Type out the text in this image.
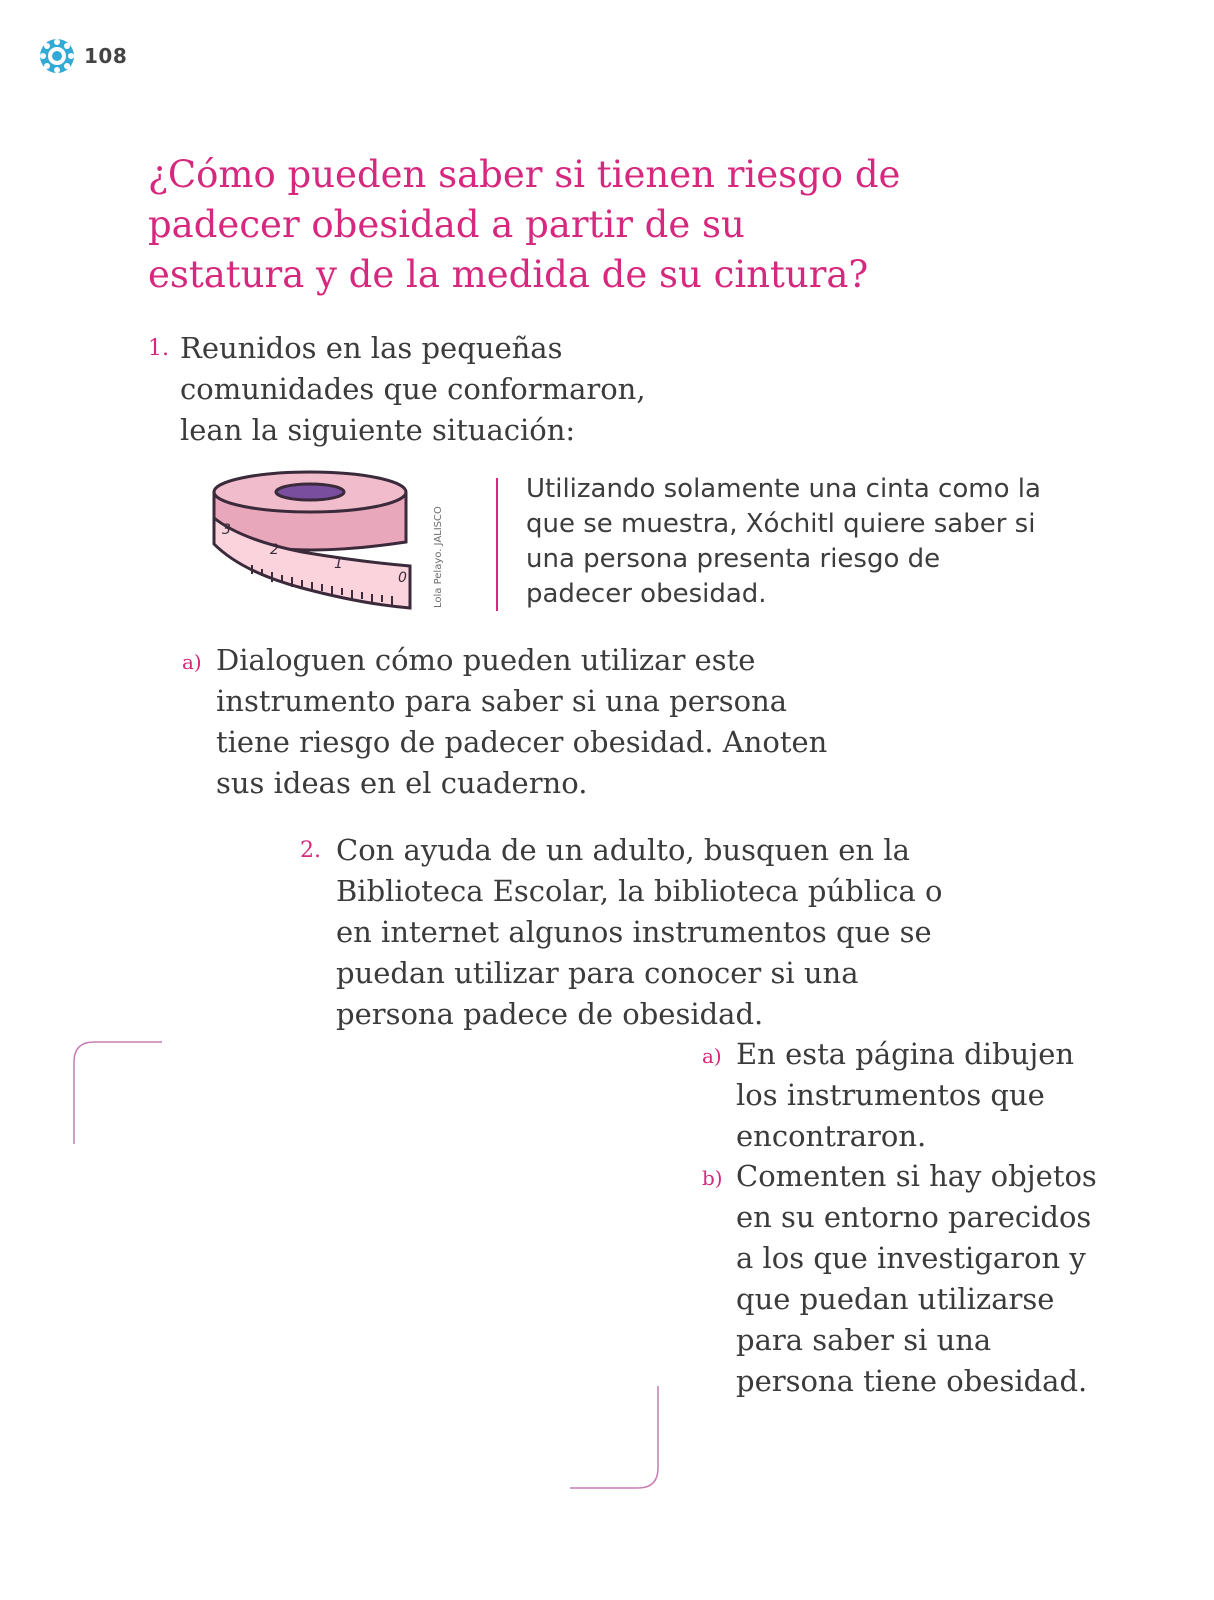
108
¿Cómo pueden saber si tienen riesgo de padecer obesidad a partir de su estatura y de la medida de su cintura?
1. Reunidos en las pequeñas comunidades que conformaron, lean la siguiente situación:
3
2
1
0	Lola Pelayo. JALISCO
Utilizando solamente una cinta como la que se muestra, Xóchitl quiere saber si una persona presenta riesgo de padecer obesidad.
a) Dialoguen cómo pueden utilizar este instrumento para saber si una persona tiene riesgo de padecer obesidad. Anoten sus ideas en el cuaderno.
2. Con ayuda de un adulto, busquen en la Biblioteca Escolar, la biblioteca pública o en internet algunos instrumentos que se puedan utilizar para conocer si una persona padece de obesidad.
a) En esta página dibujen los instrumentos que encontraron.
b) Comenten si hay objetos en su entorno parecidos a los que investigaron y que puedan utilizarse para saber si una persona tiene obesidad.
